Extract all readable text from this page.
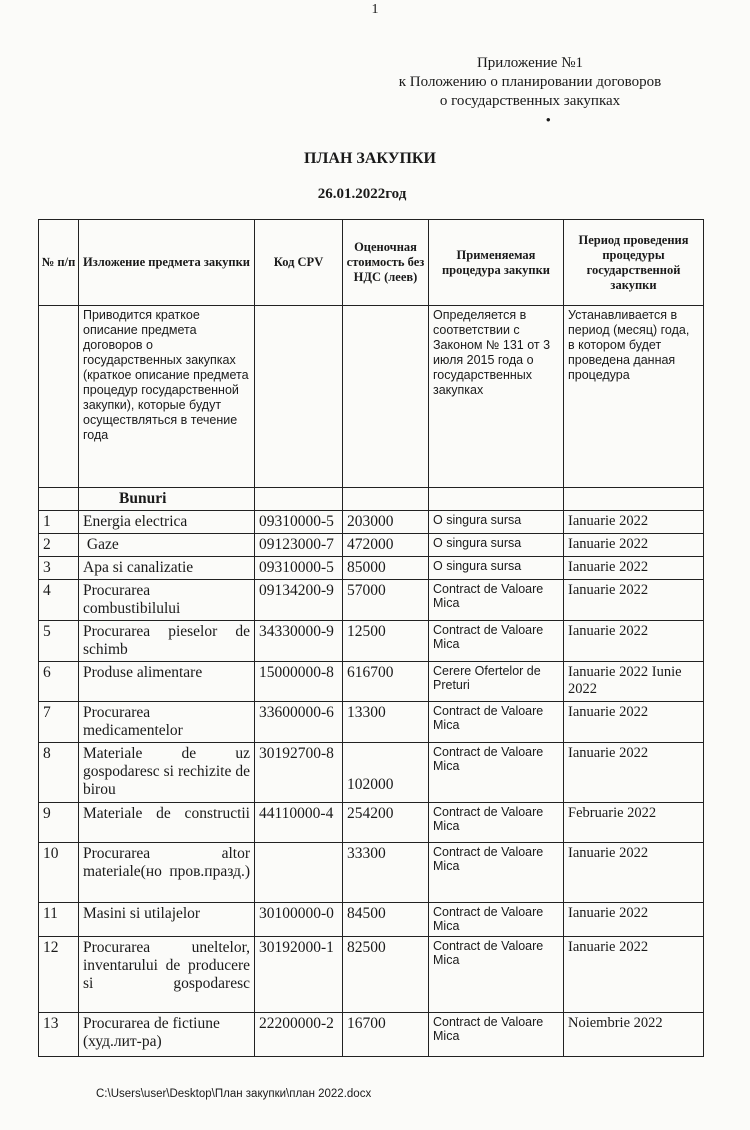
1
Приложение №1
к Положению о планировании договоров
о государственных закупках
•
ПЛАН ЗАКУПКИ
26.01.2022год
№ п/п	Изложение предмета закупки	Код CPV	Оценочная стоимость без НДС (леев)	Применяемая процедура закупки	Период проведения процедуры государственной закупки
	Приводится краткое описание предмета договоров о государственных закупках (краткое описание предмета процедур государственной закупки), которые будут осуществляться в течение года			Определяется в соответствии с Законом № 131 от 3 июля 2015 года о государственных закупках	Устанавливается в период (месяц) года, в котором будет проведена данная процедура
	Bunuri				
1	Energia electrica	09310000-5	203000	O singura sursa	Ianuarie 2022
2	Gaze	09123000-7	472000	O singura sursa	Ianuarie 2022
3	Apa si canalizatie	09310000-5	85000	O singura sursa	Ianuarie 2022
4	Procurarea combustibilului	09134200-9	57000	Contract de Valoare Mica	Ianuarie 2022
5	Procurarea pieselor de schimb	34330000-9	12500	Contract de Valoare Mica	Ianuarie 2022
6	Produse alimentare	15000000-8	616700	Cerere Ofertelor de Preturi	Ianuarie 2022 Iunie 2022
7	Procurarea medicamentelor	33600000-6	13300	Contract de Valoare Mica	Ianuarie 2022
8	Materiale de uz gospodaresc si rechizite de birou	30192700-8	102000	Contract de Valoare Mica	Ianuarie 2022
9	Materiale de constructii	44110000-4	254200	Contract de Valoare Mica	Februarie 2022
10	Procurarea altor materiale(но пров.празд.)		33300	Contract de Valoare Mica	Ianuarie 2022
11	Masini si utilajelor	30100000-0	84500	Contract de Valoare Mica	Ianuarie 2022
12	Procurarea uneltelor, inventarului de producere si gospodaresc	30192000-1	82500	Contract de Valoare Mica	Ianuarie 2022
13	Procurarea de fictiune (худ.лит-ра)	22200000-2	16700	Contract de Valoare Mica	Noiembrie 2022
C:\Users\user\Desktop\План закупки\план 2022.docx
